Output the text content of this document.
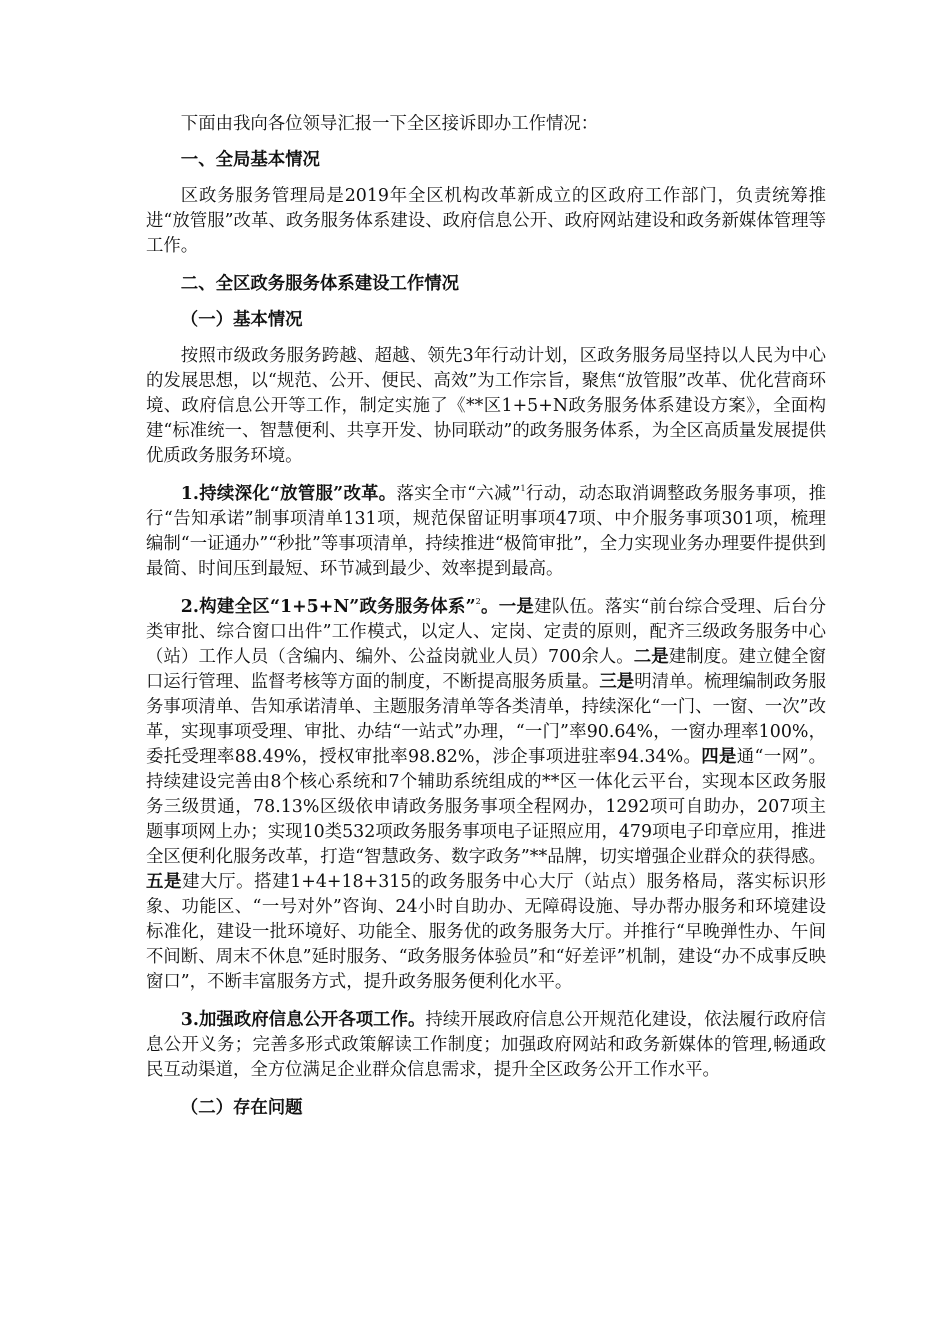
下面由我向各位领导汇报一下全区接诉即办工作情况：

一、全局基本情况

区政务服务管理局是2019年全区机构改革新成立的区政府工作部门，负责统筹推进“放管服”改革、政务服务体系建设、政府信息公开、政府网站建设和政务新媒体管理等工作。

二、全区政务服务体系建设工作情况

（一）基本情况

按照市级政务服务跨越、超越、领先3年行动计划，区政务服务局坚持以人民为中心的发展思想，以“规范、公开、便民、高效”为工作宗旨，聚焦“放管服”改革、优化营商环境、政府信息公开等工作，制定实施了《**区1+5+N政务服务体系建设方案》，全面构建“标准统一、智慧便利、共享开发、协同联动”的政务服务体系，为全区高质量发展提供优质政务服务环境。

1.持续深化“放管服”改革。落实全市“六减”$^1$行动，动态取消调整政务服务事项，推行“告知承诺”制事项清单131项，规范保留证明事项47项、中介服务事项301项，梳理编制“一证通办”“秒批”等事项清单，持续推进“极简审批”，全力实现业务办理要件提供到最简、时间压到最短、环节减到最少、效率提到最高。

2.构建全区“1+5+N”政务服务体系”$^2$。一是建队伍。落实“前台综合受理、后台分类审批、综合窗口出件”工作模式，以定人、定岗、定责的原则，配齐三级政务服务中心（站）工作人员（含编内、编外、公益岗就业人员）700余人。二是建制度。建立健全窗口运行管理、监督考核等方面的制度，不断提高服务质量。三是明清单。梳理编制政务服务事项清单、告知承诺清单、主题服务清单等各类清单，持续深化“一门、一窗、一次”改革，实现事项受理、审批、办结“一站式”办理，“一门”率90.64%，一窗办理率100%，委托受理率88.49%，授权审批率98.82%，涉企事项进驻率94.34%。四是通“一网”。持续建设完善由8个核心系统和7个辅助系统组成的**区一体化云平台，实现本区政务服务三级贯通，78.13%区级依申请政务服务事项全程网办，1292项可自助办，207项主题事项网上办；实现10类532项政务服务事项电子证照应用，479项电子印章应用，推进全区便利化服务改革，打造“智慧政务、数字政务”**品牌，切实增强企业群众的获得感。五是建大厅。搭建1+4+18+315的政务服务中心大厅（站点）服务格局，落实标识形象、功能区、“一号对外”咨询、24小时自助办、无障碍设施、导办帮办服务和环境建设标准化，建设一批环境好、功能全、服务优的政务服务大厅。并推行“早晚弹性办、午间不间断、周末不休息”延时服务、“政务服务体验员”和“好差评”机制，建设“办不成事反映窗口”，不断丰富服务方式，提升政务服务便利化水平。

3.加强政府信息公开各项工作。持续开展政府信息公开规范化建设，依法履行政府信息公开义务；完善多形式政策解读工作制度；加强政府网站和政务新媒体的管理,畅通政民互动渠道，全方位满足企业群众信息需求，提升全区政务公开工作水平。

（二）存在问题
